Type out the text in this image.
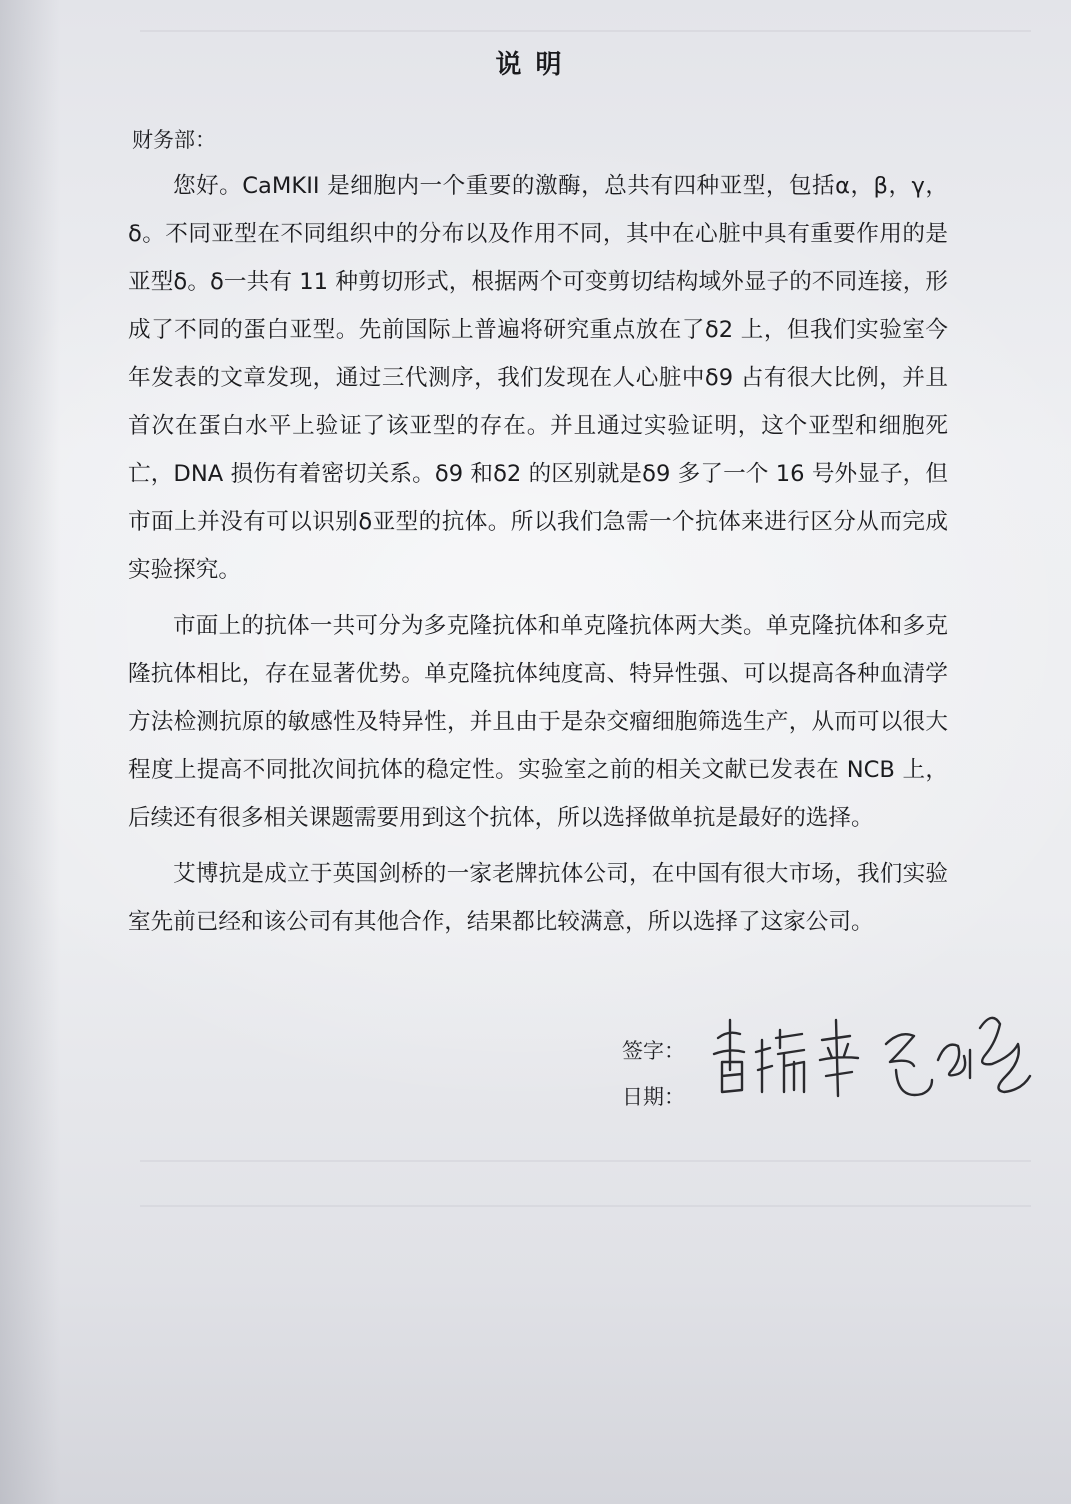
说明
财务部：

您好。CaMKII 是细胞内一个重要的激酶，总共有四种亚型，包括α，β，γ，δ。不同亚型在不同组织中的分布以及作用不同，其中在心脏中具有重要作用的是亚型δ。δ一共有 11 种剪切形式，根据两个可变剪切结构域外显子的不同连接，形成了不同的蛋白亚型。先前国际上普遍将研究重点放在了δ2 上，但我们实验室今年发表的文章发现，通过三代测序，我们发现在人心脏中δ9 占有很大比例，并且首次在蛋白水平上验证了该亚型的存在。并且通过实验证明，这个亚型和细胞死亡，DNA 损伤有着密切关系。δ9 和δ2 的区别就是δ9 多了一个 16 号外显子，但市面上并没有可以识别δ亚型的抗体。所以我们急需一个抗体来进行区分从而完成实验探究。

市面上的抗体一共可分为多克隆抗体和单克隆抗体两大类。单克隆抗体和多克隆抗体相比，存在显著优势。单克隆抗体纯度高、特异性强、可以提高各种血清学方法检测抗原的敏感性及特异性，并且由于是杂交瘤细胞筛选生产，从而可以很大程度上提高不同批次间抗体的稳定性。实验室之前的相关文献已发表在 NCB 上，后续还有很多相关课题需要用到这个抗体，所以选择做单抗是最好的选择。

艾博抗是成立于英国剑桥的一家老牌抗体公司，在中国有很大市场，我们实验室先前已经和该公司有其他合作，结果都比较满意，所以选择了这家公司。

签字：
日期：
